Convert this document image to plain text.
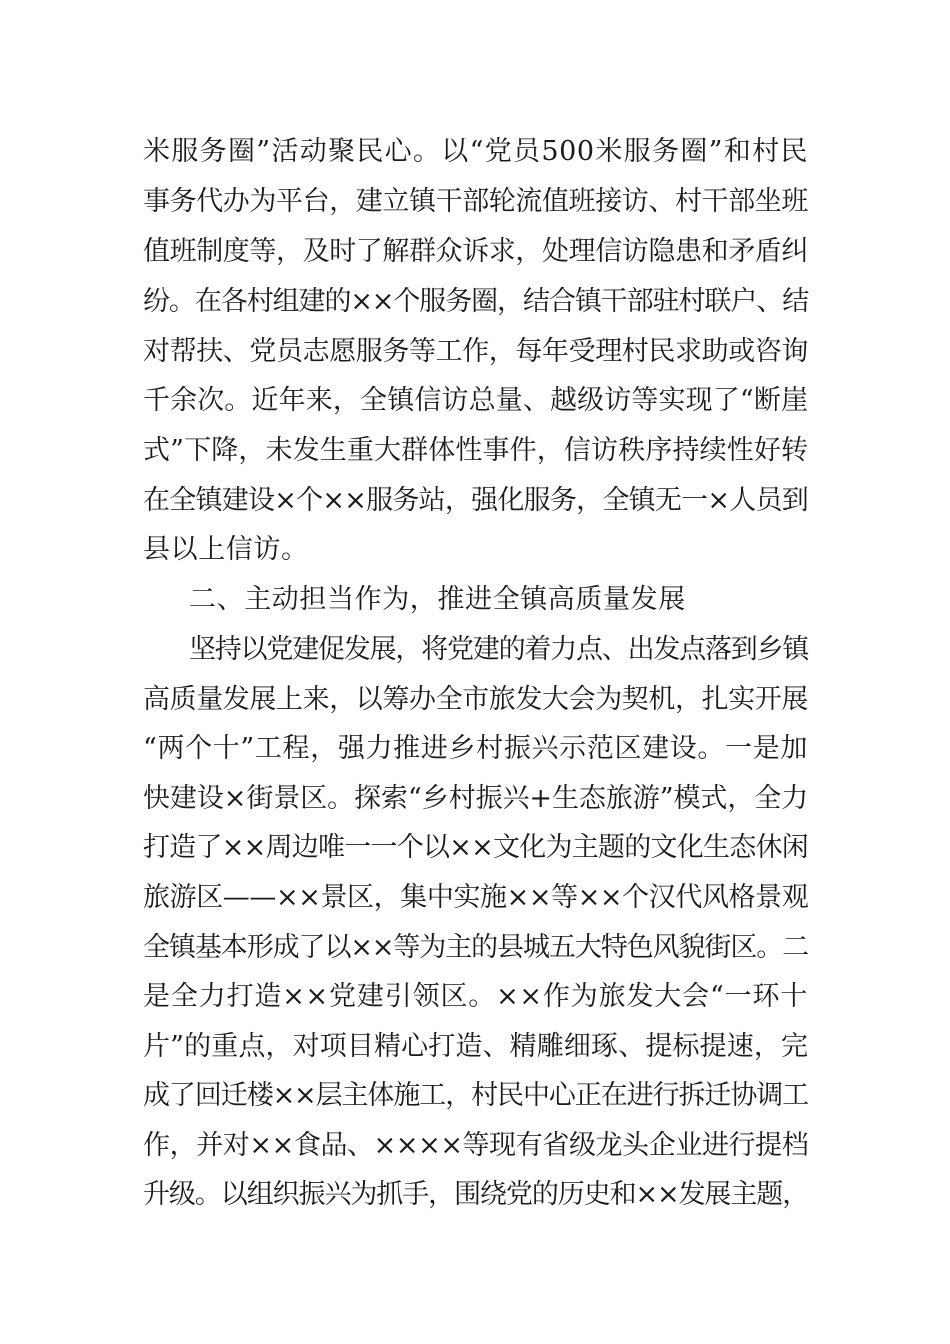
米服务圈”活动聚民心。以“党员500米服务圈”和村民
事务代办为平台，建立镇干部轮流值班接访、村干部坐班
值班制度等，及时了解群众诉求，处理信访隐患和矛盾纠
纷。在各村组建的××个服务圈，结合镇干部驻村联户、结
对帮扶、党员志愿服务等工作，每年受理村民求助或咨询
千余次。近年来，全镇信访总量、越级访等实现了“断崖
式”下降，未发生重大群体性事件，信访秩序持续性好转
在全镇建设×个××服务站，强化服务，全镇无一×人员到
县以上信访。
二、主动担当作为，推进全镇高质量发展
坚持以党建促发展，将党建的着力点、出发点落到乡镇
高质量发展上来，以筹办全市旅发大会为契机，扎实开展
“两个十”工程，强力推进乡村振兴示范区建设。一是加
快建设×街景区。探索“乡村振兴+生态旅游”模式，全力
打造了××周边唯一一个以××文化为主题的文化生态休闲
旅游区——××景区，集中实施××等××个汉代风格景观
全镇基本形成了以××等为主的县城五大特色风貌街区。二
是全力打造××党建引领区。××作为旅发大会“一环十
片”的重点，对项目精心打造、精雕细琢、提标提速，完
成了回迁楼××层主体施工，村民中心正在进行拆迁协调工
作，并对××食品、××××等现有省级龙头企业进行提档
升级。以组织振兴为抓手，围绕党的历史和××发展主题，
